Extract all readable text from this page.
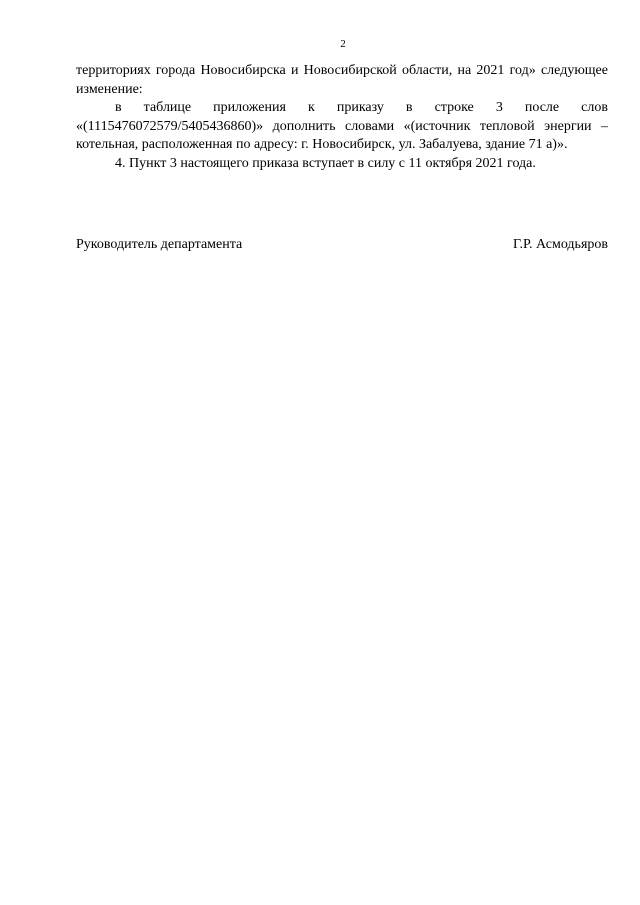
2

территориях города Новосибирска и Новосибирской области, на 2021 год» следующее изменение:

в таблице приложения к приказу в строке 3 после слов «(1115476072579/5405436860)» дополнить словами «(источник тепловой энергии – котельная, расположенная по адресу: г. Новосибирск, ул. Забалуева, здание 71 а)».

4. Пункт 3 настоящего приказа вступает в силу с 11 октября 2021 года.

Руководитель департамента	Г.Р. Асмодьяров
